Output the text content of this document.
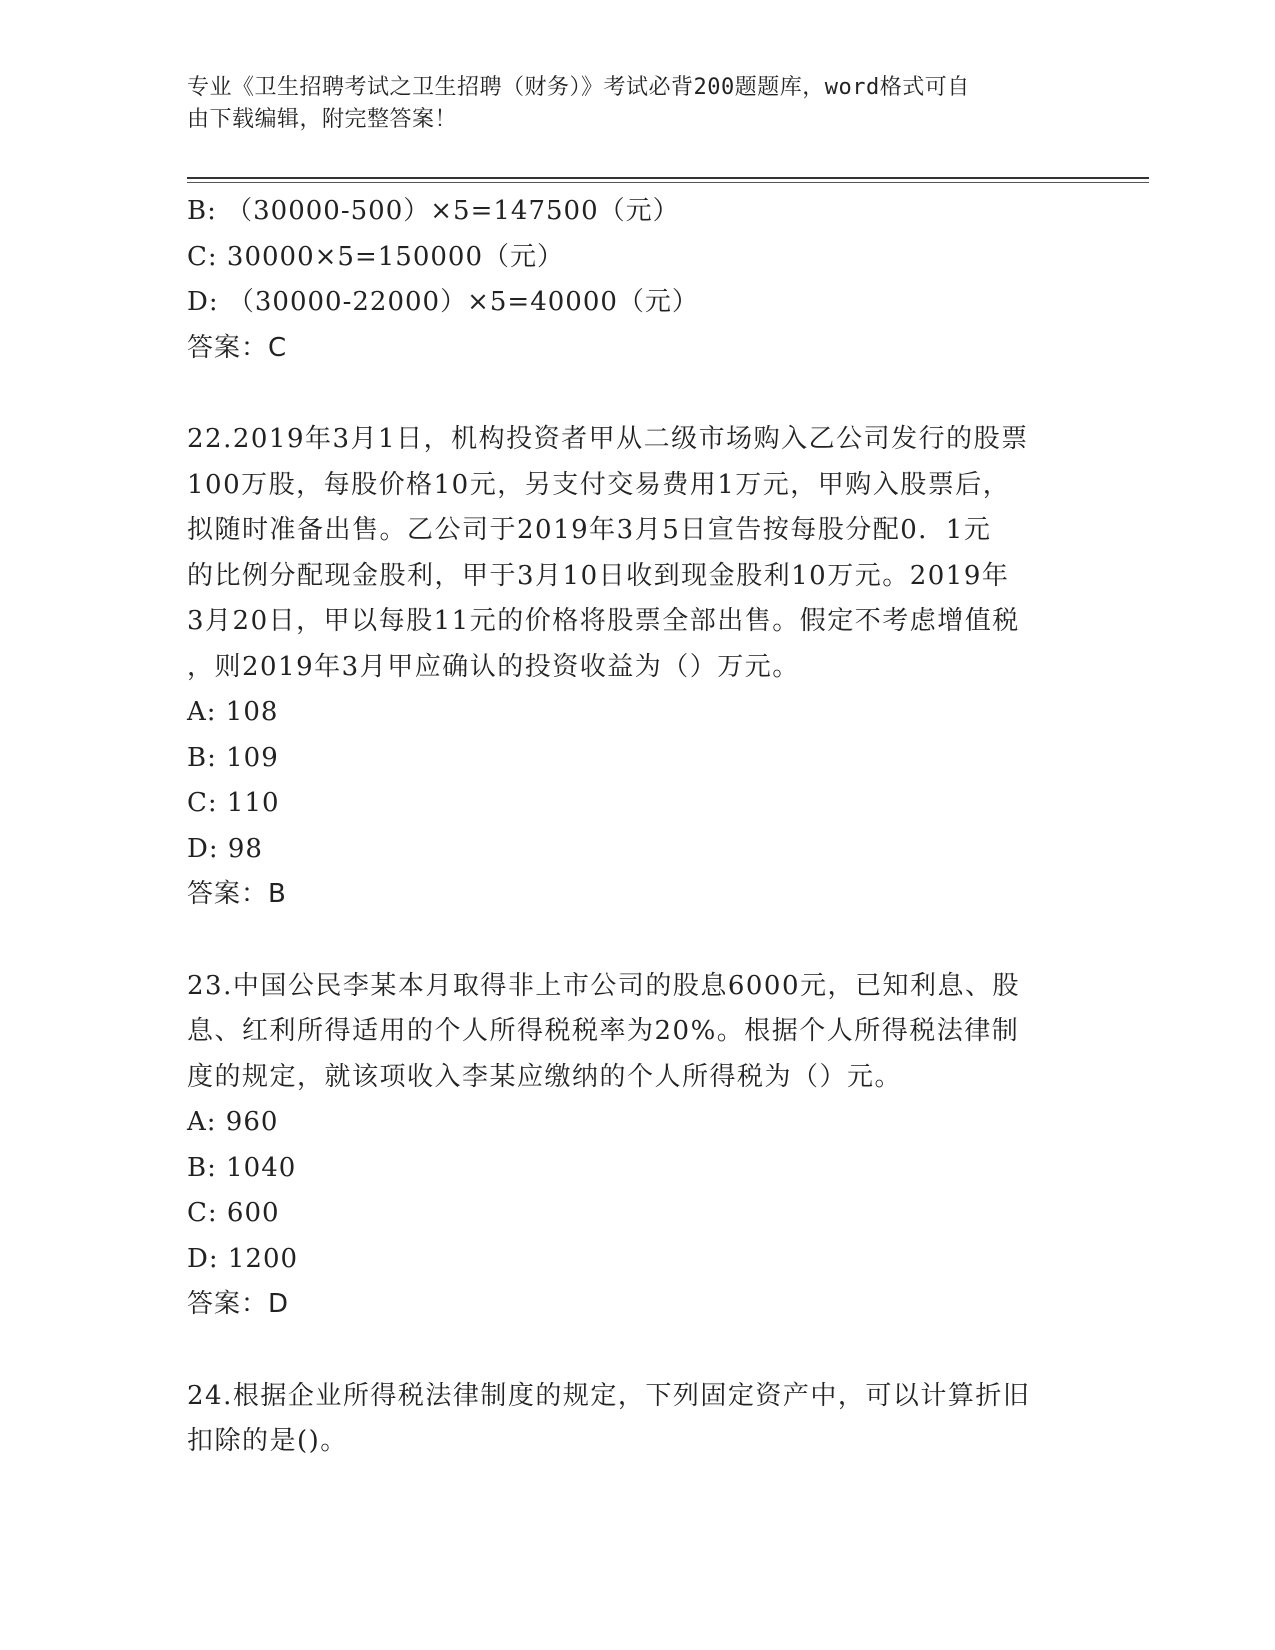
专业《卫生招聘考试之卫生招聘（财务）》考试必背200题题库，word格式可自
由下载编辑，附完整答案！
B: （30000-500）×5=147500（元）
C: 30000×5=150000（元）
D: （30000-22000）×5=40000（元）
答案：C
22.2019年3月1日，机构投资者甲从二级市场购入乙公司发行的股票
100万股，每股价格10元，另支付交易费用1万元，甲购入股票后，
拟随时准备出售。乙公司于2019年3月5日宣告按每股分配0．1元
的比例分配现金股利，甲于3月10日收到现金股利10万元。2019年
3月20日，甲以每股11元的价格将股票全部出售。假定不考虑增值税
，则2019年3月甲应确认的投资收益为（）万元。
A: 108
B: 109
C: 110
D: 98
答案：B
23.中国公民李某本月取得非上市公司的股息6000元，已知利息、股
息、红利所得适用的个人所得税税率为20%。根据个人所得税法律制
度的规定，就该项收入李某应缴纳的个人所得税为（）元。
A: 960
B: 1040
C: 600
D: 1200
答案：D
24.根据企业所得税法律制度的规定，下列固定资产中，可以计算折旧
扣除的是()。
